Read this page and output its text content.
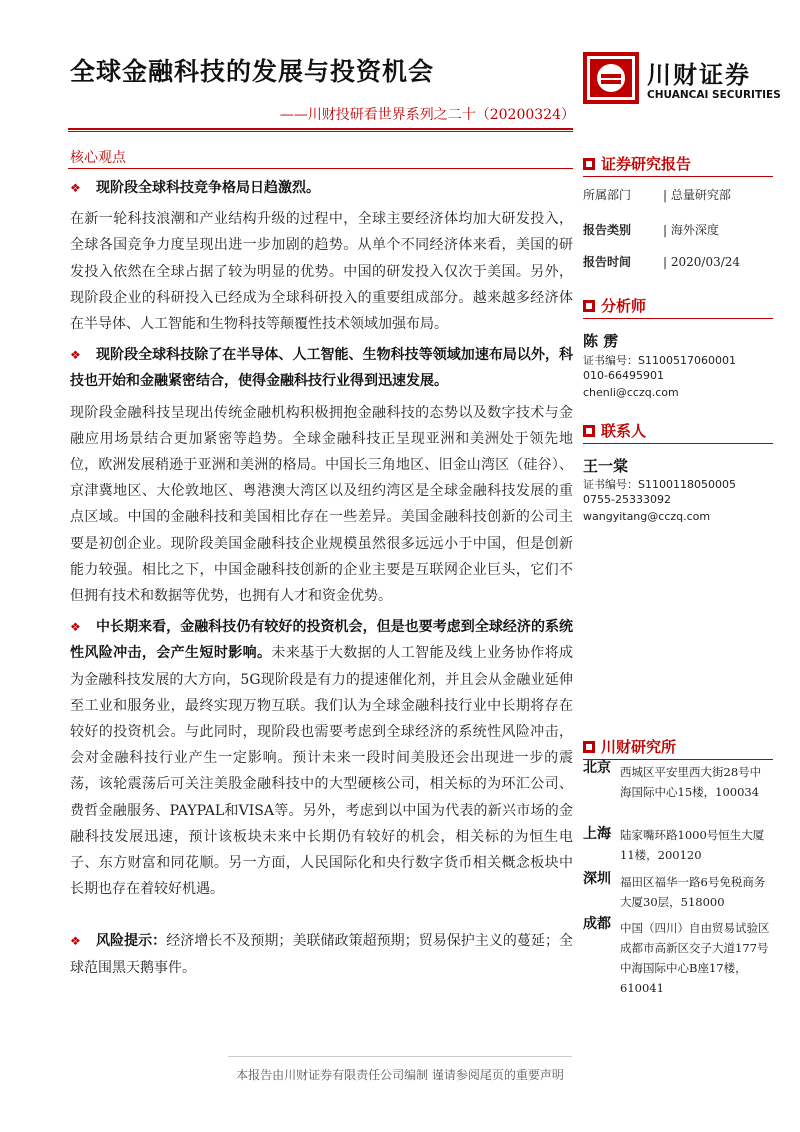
全球金融科技的发展与投资机会
——川财投研看世界系列之二十（20200324）
川财证券
CHUANCAI SECURITIES
核心观点

❖ 现阶段全球科技竞争格局日趋激烈。

在新一轮科技浪潮和产业结构升级的过程中，全球主要经济体均加大研发投入，全球各国竞争力度呈现出进一步加剧的趋势。从单个不同经济体来看，美国的研发投入依然在全球占据了较为明显的优势。中国的研发投入仅次于美国。另外，现阶段企业的科研投入已经成为全球科研投入的重要组成部分。越来越多经济体在半导体、人工智能和生物科技等颠覆性技术领域加强布局。

❖ 现阶段全球科技除了在半导体、人工智能、生物科技等领域加速布局以外，科技也开始和金融紧密结合，使得金融科技行业得到迅速发展。

现阶段金融科技呈现出传统金融机构积极拥抱金融科技的态势以及数字技术与金融应用场景结合更加紧密等趋势。全球金融科技正呈现亚洲和美洲处于领先地位，欧洲发展稍逊于亚洲和美洲的格局。中国长三角地区、旧金山湾区（硅谷）、京津冀地区、大伦敦地区、粤港澳大湾区以及纽约湾区是全球金融科技发展的重点区域。中国的金融科技和美国相比存在一些差异。美国金融科技创新的公司主要是初创企业。现阶段美国金融科技企业规模虽然很多远远小于中国，但是创新能力较强。相比之下，中国金融科技创新的企业主要是互联网企业巨头，它们不但拥有技术和数据等优势，也拥有人才和资金优势。

❖ 中长期来看，金融科技仍有较好的投资机会，但是也要考虑到全球经济的系统性风险冲击，会产生短时影响。未来基于大数据的人工智能及线上业务协作将成为金融科技发展的大方向，5G现阶段是有力的提速催化剂，并且会从金融业延伸至工业和服务业，最终实现万物互联。我们认为全球金融科技行业中长期将存在较好的投资机会。与此同时，现阶段也需要考虑到全球经济的系统性风险冲击，会对金融科技行业产生一定影响。预计未来一段时间美股还会出现进一步的震荡，该轮震荡后可关注美股金融科技中的大型硬核公司，相关标的为环汇公司、费哲金融服务、PAYPAL和VISA等。另外，考虑到以中国为代表的新兴市场的金融科技发展迅速，预计该板块未来中长期仍有较好的机会，相关标的为恒生电子、东方财富和同花顺。另一方面，人民国际化和央行数字货币相关概念板块中长期也存在着较好机遇。

❖ 风险提示：经济增长不及预期；美联储政策超预期；贸易保护主义的蔓延；全球范围黑天鹅事件。

证券研究报告
所属部门	| 总量研究部
报告类别	| 海外深度
报告时间	| 2020/03/24
分析师
陈 雳
证书编号：S1100517060001
010-66495901
chenli@cczq.com
联系人
王一棠
证书编号：S1100118050005
0755-25333092
wangyitang@cczq.com
川财研究所
北京 西城区平安里西大街28号中海国际中心15楼，100034
上海 陆家嘴环路1000号恒生大厦11楼，200120
深圳 福田区福华一路6号免税商务大厦30层，518000
成都 中国（四川）自由贸易试验区成都市高新区交子大道177号中海国际中心B座17楼，610041
本报告由川财证券有限责任公司编制 谨请参阅尾页的重要声明
